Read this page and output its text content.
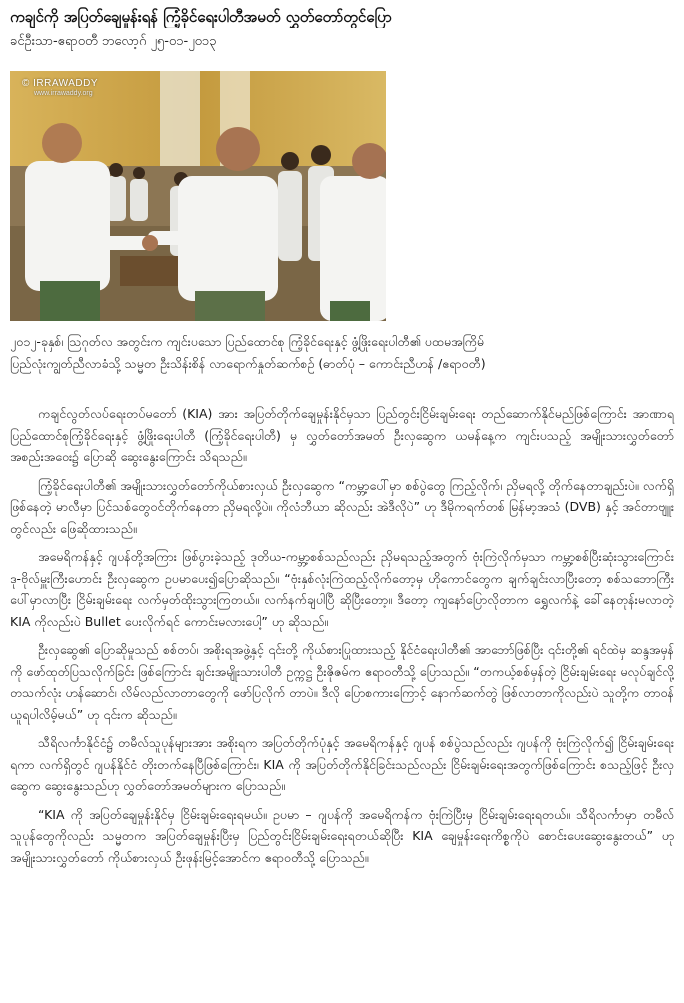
ကချင်ကို အပြတ်ချေမှုန်းရန် ကြံ့ခိုင်ရေးပါတီအမတ် လွှတ်တော်တွင်ပြော
ခင်ဦးသာ-ဧရာဝတီ ဘလော့ဂ် ၂၅-၀၁-၂၀၁၃
© IRRAWADDY
www.irrawaddy.org
၂၀၁၂-ခုနှစ်၊ ဩဂုတ်လ အတွင်းက ကျင်းပသော ပြည်ထောင်စု ကြံ့ခိုင်ရေးနှင့် ဖွံ့ဖြိုးရေးပါတီ၏ ပထမအကြိမ်
ပြည်လုံးကျွတ်ညီလာခံသို့ သမ္မတ ဦးသိန်းစိန် လာရောက်နှုတ်ဆက်စဉ် (ဓာတ်ပုံ – ကောင်းညီဟန် /ဧရာဝတီ)

ကချင်လွတ်လပ်ရေးတပ်မတော် (KIA) အား အပြတ်တိုက်ချေမှုန်းနိုင်မှသာ ပြည်တွင်းငြိမ်းချမ်းရေး တည်ဆောက်နိုင်မည်ဖြစ်ကြောင်း အာဏာရ ပြည်ထောင်စုကြံ့ခိုင်ရေးနှင့် ဖွံ့ဖြိုးရေးပါတီ (ကြံ့ခိုင်ရေးပါတီ) မှ လွှတ်တော်အမတ် ဦးလှဆွေက ယမန်နေ့က ကျင်းပသည့် အမျိုးသားလွှတ်တော် အစည်းအဝေး၌ ပြောဆို ဆွေးနွေးကြောင်း သိရသည်။

ကြံ့ခိုင်ရေးပါတီ၏ အမျိုးသားလွှတ်တော်ကိုယ်စားလှယ် ဦးလှဆွေက “ကမ္ဘာ့ပေါ်မှာ စစ်ပွဲတွေ ကြည့်လိုက်၊ ညှိမရလို့ တိုက်နေတာချည်းပဲ။ လက်ရှိဖြစ်နေတဲ့ မာလီမှာ ပြင်သစ်တွေဝင်တိုက်နေတာ ညှိမရလို့ပဲ။ ကိုလံဘီယာ ဆိုလည်း အဲဒီလိုပဲ” ဟု ဒီမိုကရက်တစ် မြန်မာ့အသံ (DVB) နှင့် အင်တာဗျူးတွင်လည်း ဖြေဆိုထားသည်။

အမေရိကန်နှင့် ဂျပန်တို့အကြား ဖြစ်ပွားခဲ့သည့် ဒုတိယ-ကမ္ဘာ့စစ်သည်လည်း ညှိမရသည့်အတွက် ဗုံးကြဲလိုက်မှသာ ကမ္ဘာ့စစ်ပြီးဆုံးသွားကြောင်း ဒု-ဗိုလ်မှူးကြီးဟောင်း ဦးလှဆွေက ဥပမာပေး၍ပြောဆိုသည်။ “ဗုံးနှစ်လုံးကြဲထည့်လိုက်တော့မှ ဟိုကောင်တွေက ချက်ချင်းလာပြီးတော့ စစ်သဘောကြီးပေါ်မှာလာပြီး ငြိမ်းချမ်းရေး လက်မှတ်ထိုးသွားကြတယ်။ လက်နက်ချပါပြီ ဆိုပြီးတော့။ ဒီတော့ ကျနော်ပြောလိုတာက ရွှေလက်နဲ့ ခေါ်နေတုန်းမလာတဲ့ KIA ကိုလည်းပဲ Bullet ပေးလိုက်ရင် ကောင်းမလားပေါ့” ဟု ဆိုသည်။

ဦးလှဆွေ၏ ပြောဆိုမှုသည် စစ်တပ်၊ အစိုးရအဖွဲ့နှင့် ၎င်းတို့ ကိုယ်စားပြုထားသည့် နိုင်ငံရေးပါတီ၏ အာဘော်ဖြစ်ပြီး ၎င်းတို့၏ ရင်ထဲမှ ဆန္ဒအမှန်ကို ဖော်ထုတ်ပြသလိုက်ခြင်း ဖြစ်ကြောင်း ချင်းအမျိုးသားပါတီ ဥက္ကဋ္ဌ ဦးဇိုဇမ်က ဧရာဝတီသို့ ပြောသည်။ “တကယ့်စစ်မှန်တဲ့ ငြိမ်းချမ်းရေး မလုပ်ချင်လို့ တသက်လုံး ဟန်ဆောင်၊ လိမ်လည်လာတာတွေကို ဖော်ပြလိုက် တာပဲ။ ဒီလို ပြောစကားကြောင့် နောက်ဆက်တွဲ ဖြစ်လာတာကိုလည်းပဲ သူတို့က တာဝန်ယူရပါလိမ့်မယ်” ဟု ၎င်းက ဆိုသည်။

သီရိလင်္ကာနိုင်ငံ၌ တမီလ်သူပုန်များအား အစိုးရက အပြတ်တိုက်ပုံနှင့် အမေရိကန်နှင့် ဂျပန် စစ်ပွဲသည်လည်း ဂျပန်ကို ဗုံးကြဲလိုက်၍ ငြိမ်းချမ်းရေးရကာ လက်ရှိတွင် ဂျပန်နိုင်ငံ တိုးတက်နေပြီဖြစ်ကြောင်း၊ KIA ကို အပြတ်တိုက်နိုင်ခြင်းသည်လည်း ငြိမ်းချမ်းရေးအတွက်ဖြစ်ကြောင်း စသည့်ဖြင့် ဦးလှဆွေက ဆွေးနွေးသည်ဟု လွှတ်တော်အမတ်များက ပြောသည်။

“KIA ကို အပြတ်ချေမှုန်းနိုင်မှ ငြိမ်းချမ်းရေးရမယ်။ ဥပမာ – ဂျပန်ကို အမေရိကန်က ဗုံးကြဲပြီးမှ ငြိမ်းချမ်းရေးရတယ်။ သီရိလင်္ကာမှာ တမီလ် သူပုန်တွေကိုလည်း သမ္မတက အပြတ်ချေမှုန်းပြီးမှ ပြည်တွင်းငြိမ်းချမ်းရေးရတယ်ဆိုပြီး KIA ချေမှုန်းရေးကိစ္စကိုပဲ စောင်းပေးဆွေးနွေးတယ်” ဟု အမျိုးသားလွှတ်တော် ကိုယ်စားလှယ် ဦးဖုန်းမြင့်အောင်က ဧရာဝတီသို့ ပြောသည်။
